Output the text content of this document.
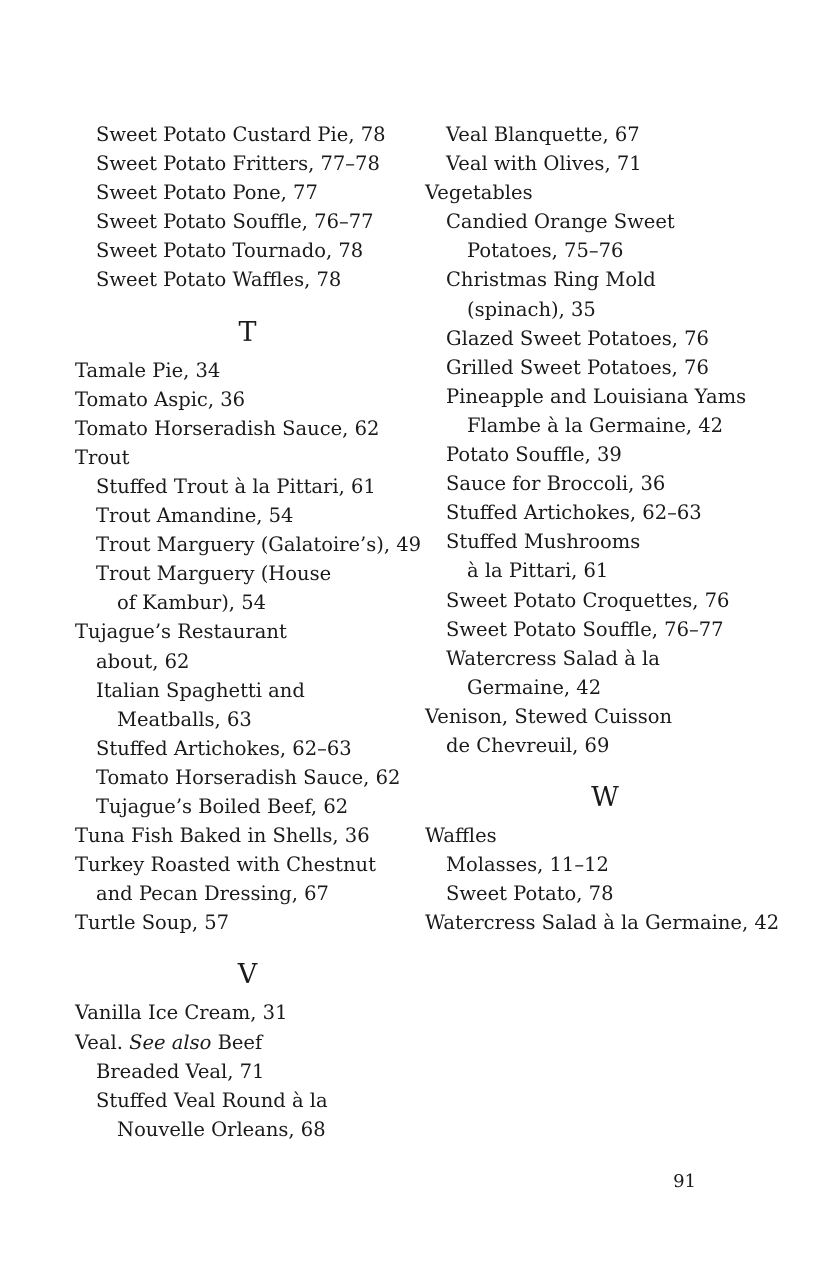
Sweet Potato Custard Pie, 78
Sweet Potato Fritters, 77–78
Sweet Potato Pone, 77
Sweet Potato Souffle, 76–77
Sweet Potato Tournado, 78
Sweet Potato Waffles, 78
T
Tamale Pie, 34
Tomato Aspic, 36
Tomato Horseradish Sauce, 62
Trout
Stuffed Trout à la Pittari, 61
Trout Amandine, 54
Trout Marguery (Galatoire’s), 49
Trout Marguery (House
of Kambur), 54
Tujague’s Restaurant
about, 62
Italian Spaghetti and
Meatballs, 63
Stuffed Artichokes, 62–63
Tomato Horseradish Sauce, 62
Tujague’s Boiled Beef, 62
Tuna Fish Baked in Shells, 36
Turkey Roasted with Chestnut
and Pecan Dressing, 67
Turtle Soup, 57
V
Vanilla Ice Cream, 31
Veal. See also Beef
Breaded Veal, 71
Stuffed Veal Round à la
Nouvelle Orleans, 68
Veal Blanquette, 67
Veal with Olives, 71
Vegetables
Candied Orange Sweet
Potatoes, 75–76
Christmas Ring Mold
(spinach), 35
Glazed Sweet Potatoes, 76
Grilled Sweet Potatoes, 76
Pineapple and Louisiana Yams
Flambe à la Germaine, 42
Potato Souffle, 39
Sauce for Broccoli, 36
Stuffed Artichokes, 62–63
Stuffed Mushrooms
à la Pittari, 61
Sweet Potato Croquettes, 76
Sweet Potato Souffle, 76–77
Watercress Salad à la
Germaine, 42
Venison, Stewed Cuisson
de Chevreuil, 69
W
Waffles
Molasses, 11–12
Sweet Potato, 78
Watercress Salad à la Germaine, 42
91
